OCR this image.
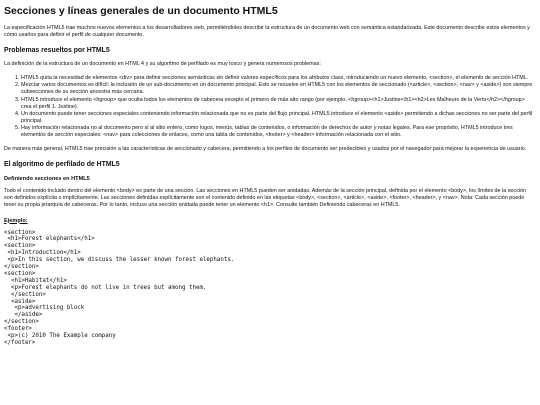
Secciones y líneas generales de un documento HTML5

La especificación HTML5 trae muchos nuevos elementos a los desarrolladores web, permitiéndoles describir la estructura de un documento web con semántica estandarizada. Este documento describe estos elementos y cómo usarlos para definir el perfil de cualquier documento.

Problemas resueltos por HTML5

La definición de la estructura de un documento en HTML 4 y su algoritmo de perfilado es muy tosco y genera numerosos problemas:

1. HTML5 quita la necesidad de elementos <div> para definir secciones semánticas sin definir valores específicos para los atributos class, introduciendo un nuevo elemento, <section>, el elemento de sección HTML.
2. Mezclar varios documentos es difícil: la inclusión de un sub-documento en un documento principal. Esto se resuelve en HTML5 con los elementos de seccionado (<article>, <section>, <nav> y <aside>) son siempre subsecciones de su sección ancestra más cercana.
3. HTML5 introduce el elemento <hgroup> que oculta todos los elementos de cabecera excepto el primero de más alto rango (por ejemplo, <hgroup><h1>Justine</h1><h2>Les Malheurs de la Vertu</h2></hgroup> crea el perfil 1. Justine).
4. Un documento puede tener secciones especiales conteniendo información relacionada que no es parte del flujo principal. HTML5 introduce el elemento <aside> permitiendo a dichas secciones no ser parte del perfil principal.
5. Hay información relacionada no al documento pero sí al sitio entero, como logos, menús, tablas de contenidos, o información de derechos de autor y notas legales. Para ese propósito, HTML5 introduce tres elementos de sección especiales: <nav> para colecciones de enlaces, como una tabla de contenidos, <footer> y <header> información relacionada con el sitio.

De manera más general, HTML5 trae precisión a las características de seccionado y cabecera, permitiendo a los perfiles de documento ser predecibles y usados por el navegador para mejorar la experiencia de usuario.

El algoritmo de perfilado de HTML5
Definiendo secciones en HTML5

Todo el contenido incluido dentro del elemento <body> es parte de una sección. Las secciones en HTML5 pueden ser anidadas. Además de la sección principal, definida por el elemento <body>, los límites de la sección son definidos explícita o implícitamente. Las secciones definidas explícitamente son el contenido definido en las etiquetas <body>, <section>, <article>, <aside>, <footer>, <header>, y <nav>. Nota: Cada sección puede tener su propia jerarquía de cabeceras. Por lo tanto, incluso una sección anidada puede tener un elemento <h1>. Consulte también Definiendo cabeceras en HTML5.

Ejemplo:
<section>
<h1>Forest elephants</h1>
<section>
<h1>Introduction</h1>
<p>In this section, we discuss the lesser known forest elephants.
</section>
<section>
<h1>Habitat</h1>
<p>Forest elephants do not live in trees but among them.
</section>
<aside>
<p>advertising block
</aside>
</section>
<footer>
<p>(c) 2010 The Example company
</footer>
